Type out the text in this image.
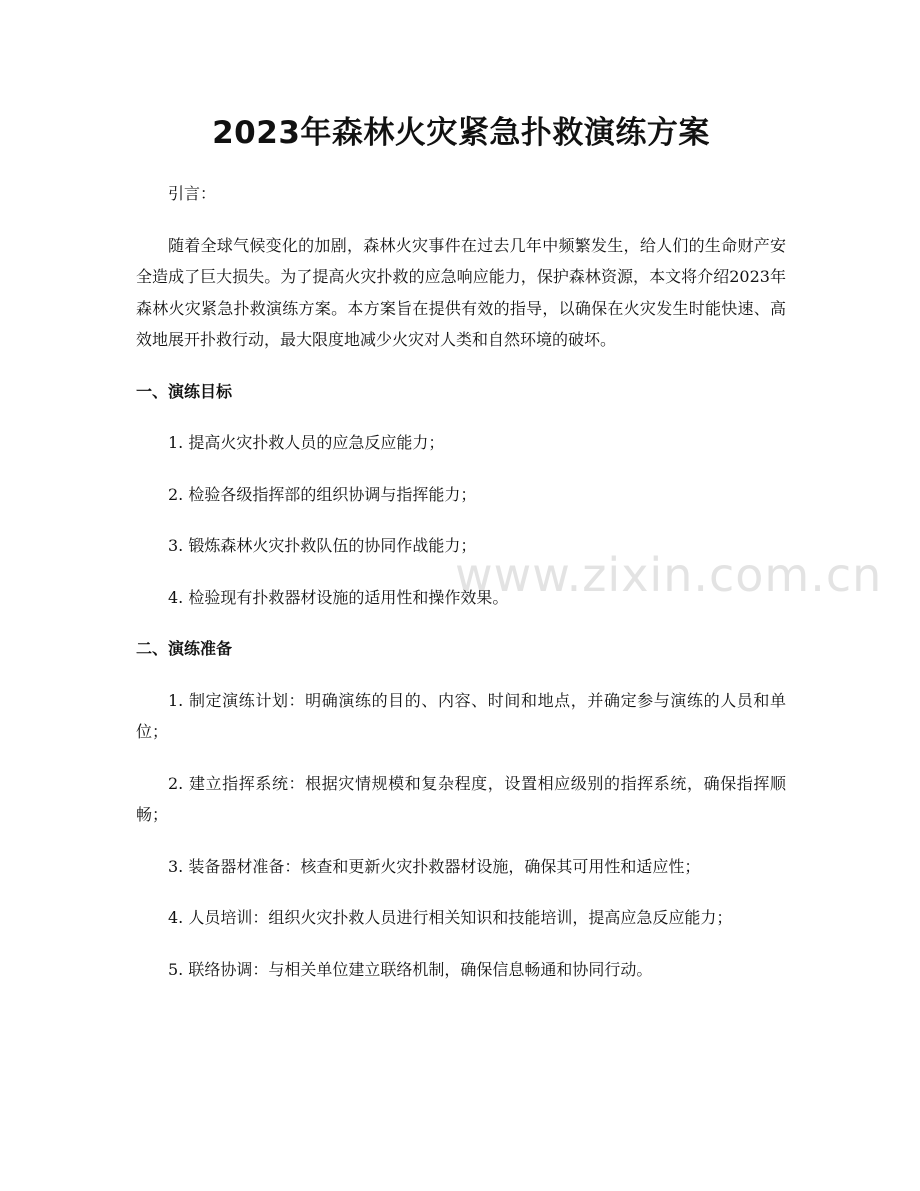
www.zixin.com.cn
2023年森林火灾紧急扑救演练方案

引言：

随着全球气候变化的加剧，森林火灾事件在过去几年中频繁发生，给人们的生命财产安全造成了巨大损失。为了提高火灾扑救的应急响应能力，保护森林资源，本文将介绍2023年森林火灾紧急扑救演练方案。本方案旨在提供有效的指导，以确保在火灾发生时能快速、高效地展开扑救行动，最大限度地减少火灾对人类和自然环境的破坏。

一、演练目标

1. 提高火灾扑救人员的应急反应能力；

2. 检验各级指挥部的组织协调与指挥能力；

3. 锻炼森林火灾扑救队伍的协同作战能力；

4. 检验现有扑救器材设施的适用性和操作效果。

二、演练准备

1. 制定演练计划：明确演练的目的、内容、时间和地点，并确定参与演练的人员和单位；

2. 建立指挥系统：根据灾情规模和复杂程度，设置相应级别的指挥系统，确保指挥顺畅；

3. 装备器材准备：核查和更新火灾扑救器材设施，确保其可用性和适应性；

4. 人员培训：组织火灾扑救人员进行相关知识和技能培训，提高应急反应能力；

5. 联络协调：与相关单位建立联络机制，确保信息畅通和协同行动。
